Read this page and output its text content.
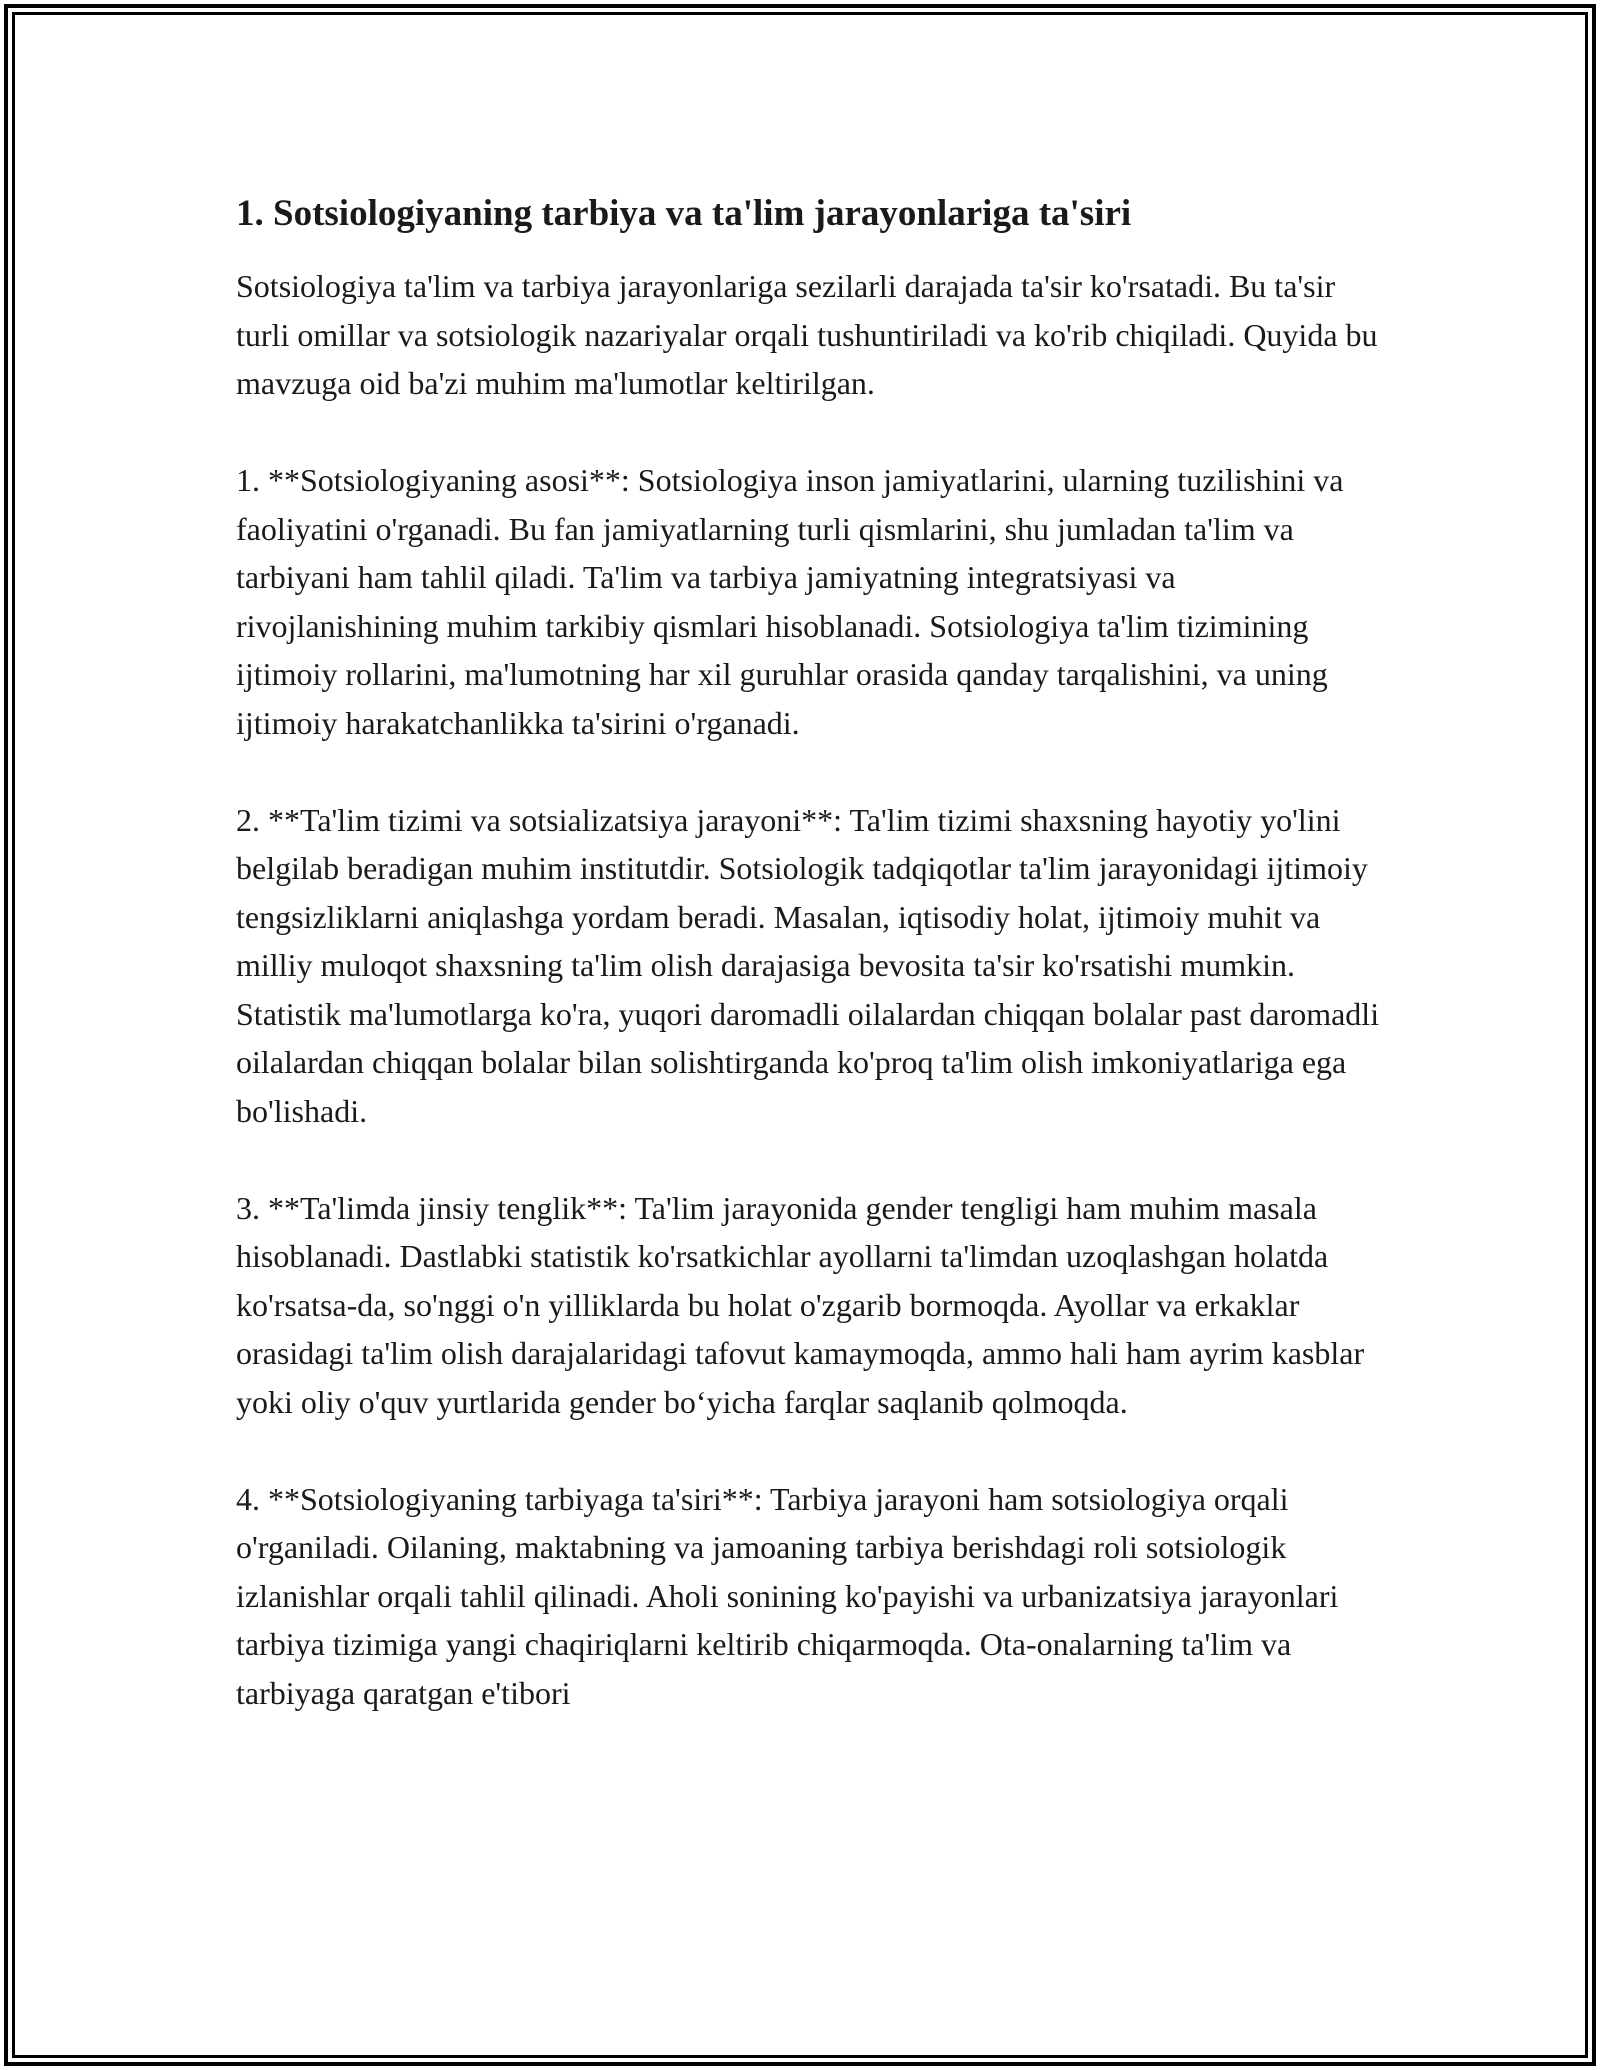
1. Sotsiologiyaning tarbiya va ta'lim jarayonlariga ta'siri

Sotsiologiya ta'lim va tarbiya jarayonlariga sezilarli darajada ta'sir ko'rsatadi. Bu ta'sir turli omillar va sotsiologik nazariyalar orqali tushuntiriladi va ko'rib chiqiladi. Quyida bu mavzuga oid ba'zi muhim ma'lumotlar keltirilgan.

1. **Sotsiologiyaning asosi**: Sotsiologiya inson jamiyatlarini, ularning tuzilishini va faoliyatini o'rganadi. Bu fan jamiyatlarning turli qismlarini, shu jumladan ta'lim va tarbiyani ham tahlil qiladi. Ta'lim va tarbiya jamiyatning integratsiyasi va rivojlanishining muhim tarkibiy qismlari hisoblanadi. Sotsiologiya ta'lim tizimining ijtimoiy rollarini, ma'lumotning har xil guruhlar orasida qanday tarqalishini, va uning ijtimoiy harakatchanlikka ta'sirini o'rganadi.

2. **Ta'lim tizimi va sotsializatsiya jarayoni**: Ta'lim tizimi shaxsning hayotiy yo'lini belgilab beradigan muhim institutdir. Sotsiologik tadqiqotlar ta'lim jarayonidagi ijtimoiy tengsizliklarni aniqlashga yordam beradi. Masalan, iqtisodiy holat, ijtimoiy muhit va milliy muloqot shaxsning ta'lim olish darajasiga bevosita ta'sir ko'rsatishi mumkin. Statistik ma'lumotlarga ko'ra, yuqori daromadli oilalardan chiqqan bolalar past daromadli oilalardan chiqqan bolalar bilan solishtirganda ko'proq ta'lim olish imkoniyatlariga ega bo'lishadi.

3. **Ta'limda jinsiy tenglik**: Ta'lim jarayonida gender tengligi ham muhim masala hisoblanadi. Dastlabki statistik ko'rsatkichlar ayollarni ta'limdan uzoqlashgan holatda ko'rsatsa-da, so'nggi o'n yilliklarda bu holat o'zgarib bormoqda. Ayollar va erkaklar orasidagi ta'lim olish darajalaridagi tafovut kamaymoqda, ammo hali ham ayrim kasblar yoki oliy o'quv yurtlarida gender bo‘yicha farqlar saqlanib qolmoqda.

4. **Sotsiologiyaning tarbiyaga ta'siri**: Tarbiya jarayoni ham sotsiologiya orqali o'rganiladi. Oilaning, maktabning va jamoaning tarbiya berishdagi roli sotsiologik izlanishlar orqali tahlil qilinadi. Aholi sonining ko'payishi va urbanizatsiya jarayonlari tarbiya tizimiga yangi chaqiriqlarni keltirib chiqarmoqda. Ota-onalarning ta'lim va tarbiyaga qaratgan e'tibori
